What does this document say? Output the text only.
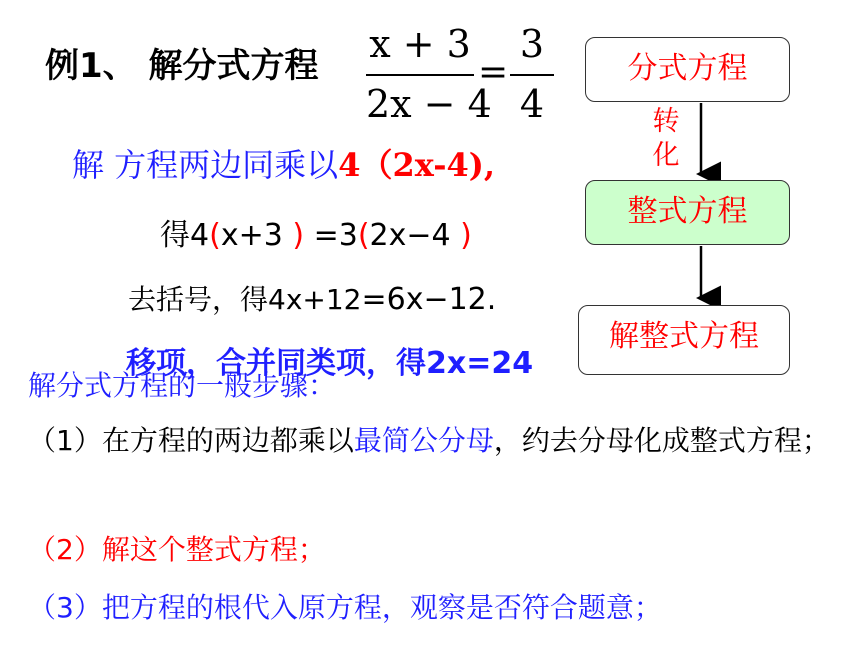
例1、 解分式方程 x + 3
2x − 4
=
3
4
解 方程两边同乘以4（2x-4),
得4(x+3 ) =3(2x−4 )
去括号，得4x+12=6x−12.
移项，合并同类项，得2x=24
分式方程
转
化
整式方程
解整式方程
解分式方程的一般步骤：
（1）在方程的两边都乘以最简公分母，约去分母化成整式方程；
（2）解这个整式方程；
（3）把方程的根代入原方程，观察是否符合题意；
